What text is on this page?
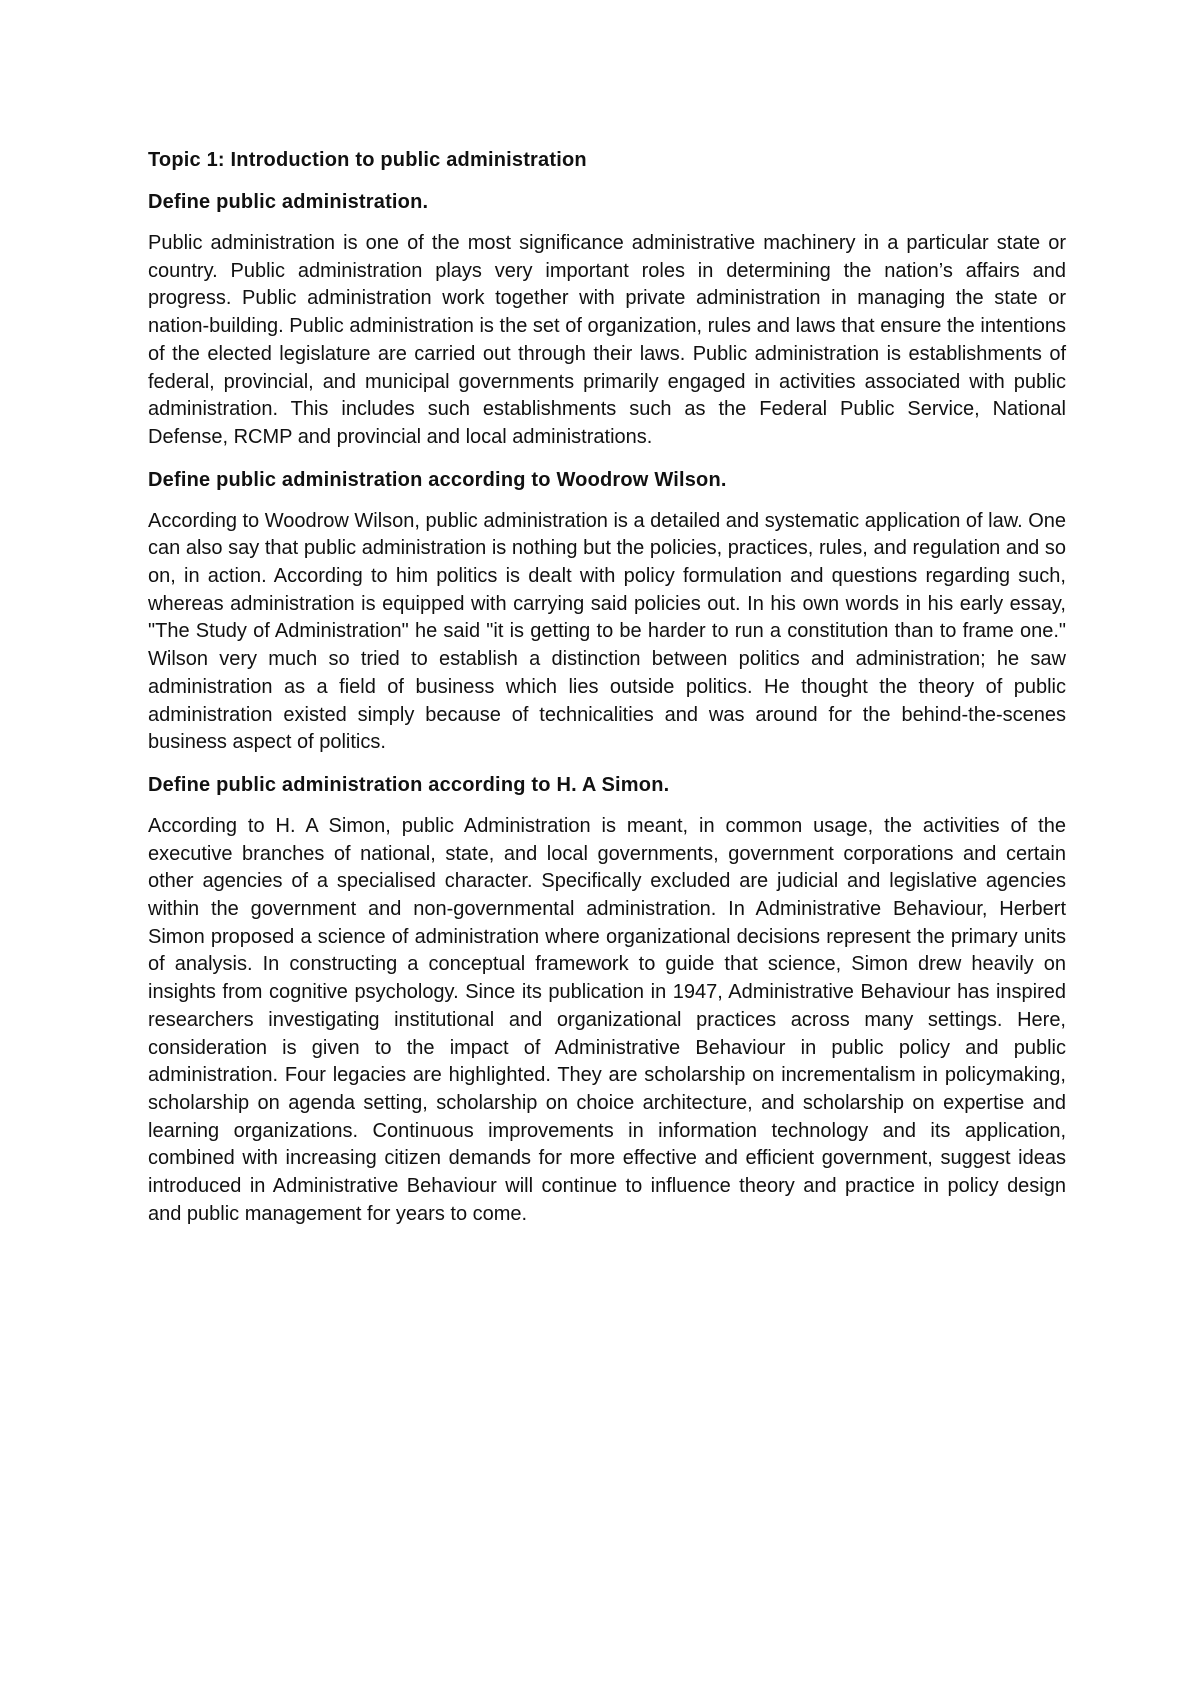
Topic 1: Introduction to public administration
Define public administration.

Public administration is one of the most significance administrative machinery in a particular state or country. Public administration plays very important roles in determining the nation’s affairs and progress. Public administration work together with private administration in managing the state or nation-building. Public administration is the set of organization, rules and laws that ensure the intentions of the elected legislature are carried out through their laws. Public administration is establishments of federal, provincial, and municipal governments primarily engaged in activities associated with public administration. This includes such establishments such as the Federal Public Service, National Defense, RCMP and provincial and local administrations.

Define public administration according to Woodrow Wilson.

According to Woodrow Wilson, public administration is a detailed and systematic application of law. One can also say that public administration is nothing but the policies, practices, rules, and regulation and so on, in action. According to him politics is dealt with policy formulation and questions regarding such, whereas administration is equipped with carrying said policies out. In his own words in his early essay, "The Study of Administration" he said "it is getting to be harder to run a constitution than to frame one." Wilson very much so tried to establish a distinction between politics and administration; he saw administration as a field of business which lies outside politics. He thought the theory of public administration existed simply because of technicalities and was around for the behind-the-scenes business aspect of politics.

Define public administration according to H. A Simon.

According to H. A Simon, public Administration is meant, in common usage, the activities of the executive branches of national, state, and local governments, government corporations and certain other agencies of a specialised character. Specifically excluded are judicial and legislative agencies within the government and non-governmental administration. In Administrative Behaviour, Herbert Simon proposed a science of administration where organizational decisions represent the primary units of analysis. In constructing a conceptual framework to guide that science, Simon drew heavily on insights from cognitive psychology. Since its publication in 1947, Administrative Behaviour has inspired researchers investigating institutional and organizational practices across many settings. Here, consideration is given to the impact of Administrative Behaviour in public policy and public administration. Four legacies are highlighted. They are scholarship on incrementalism in policymaking, scholarship on agenda setting, scholarship on choice architecture, and scholarship on expertise and learning organizations. Continuous improvements in information technology and its application, combined with increasing citizen demands for more effective and efficient government, suggest ideas introduced in Administrative Behaviour will continue to influence theory and practice in policy design and public management for years to come.
